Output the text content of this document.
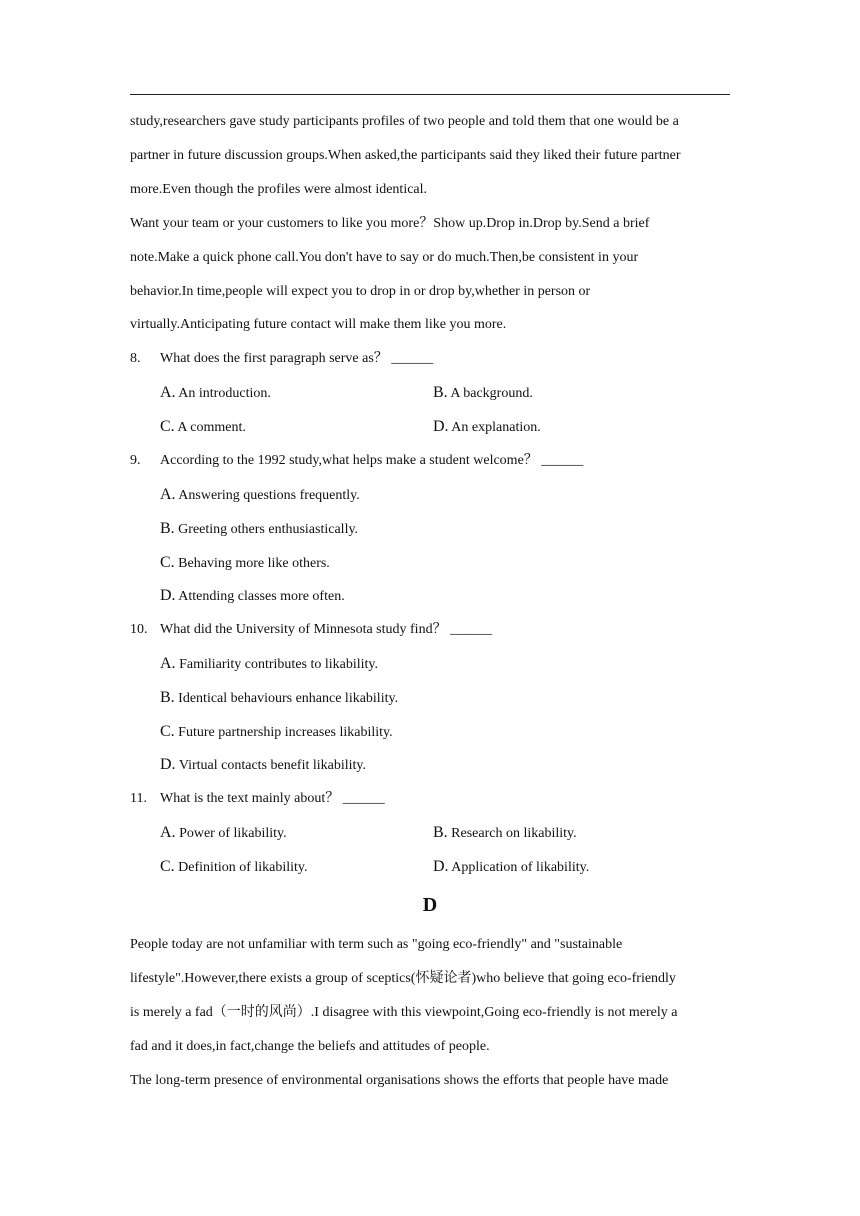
study,researchers gave study participants profiles of two people and told them that one would be a
partner in future discussion groups.When asked,the participants said they liked their future partner
more.Even though the profiles were almost identical.
Want your team or your customers to like you more？Show up.Drop in.Drop by.Send a brief
note.Make a quick phone call.You don't have to say or do much.Then,be consistent in your
behavior.In time,people will expect you to drop in or drop by,whether in person or
virtually.Anticipating future contact will make them like you more.
8. What does the first paragraph serve as？ ______
A. An introduction.	B. A background.
C. A comment.	D. An explanation.
9. According to the 1992 study,what helps make a student welcome？ ______
A. Answering questions frequently.
B. Greeting others enthusiastically.
C. Behaving more like others.
D. Attending classes more often.
10. What did the University of Minnesota study find？ ______
A. Familiarity contributes to likability.
B. Identical behaviours enhance likability.
C. Future partnership increases likability.
D. Virtual contacts benefit likability.
11. What is the text mainly about？ ______
A. Power of likability.	B. Research on likability.
C. Definition of likability.	D. Application of likability.
D
People today are not unfamiliar with term such as "going eco-friendly" and "sustainable
lifestyle".However,there exists a group of sceptics(怀疑论者)who believe that going eco-friendly
is merely a fad（一时的风尚）.I disagree with this viewpoint,Going eco-friendly is not merely a
fad and it does,in fact,change the beliefs and attitudes of people.
The long-term presence of environmental organisations shows the efforts that people have made
